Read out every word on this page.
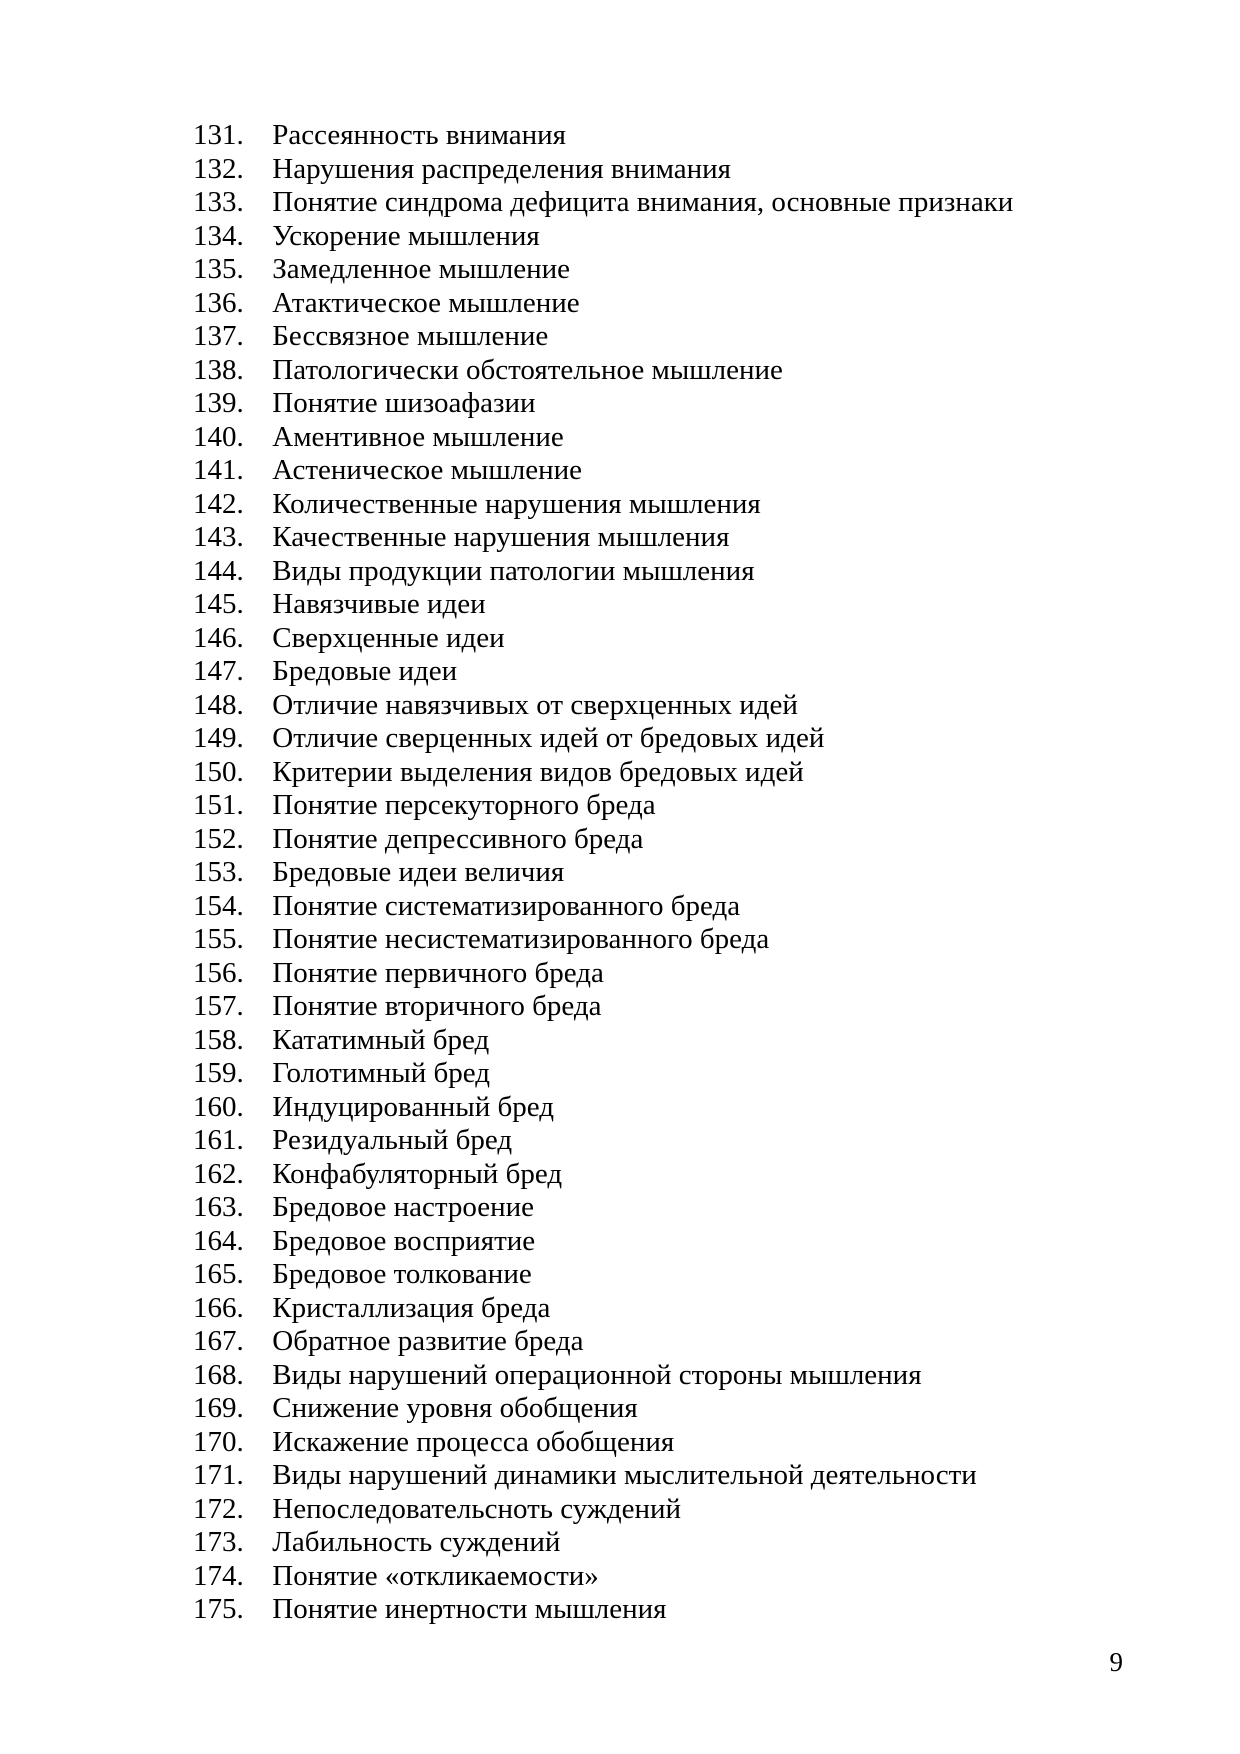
131. Рассеянность внимания
132. Нарушения распределения внимания
133. Понятие синдрома дефицита внимания, основные признаки
134. Ускорение мышления
135. Замедленное мышление
136. Атактическое мышление
137. Бессвязное мышление
138. Патологически обстоятельное мышление
139. Понятие шизоафазии
140. Аментивное мышление
141. Астеническое мышление
142. Количественные нарушения мышления
143. Качественные нарушения мышления
144. Виды продукции патологии мышления
145. Навязчивые идеи
146. Сверхценные идеи
147. Бредовые идеи
148. Отличие навязчивых от сверхценных идей
149. Отличие сверценных идей от бредовых идей
150. Критерии выделения видов бредовых идей
151. Понятие персекуторного бреда
152. Понятие депрессивного бреда
153. Бредовые идеи величия
154. Понятие систематизированного бреда
155. Понятие несистематизированного бреда
156. Понятие первичного бреда
157. Понятие вторичного бреда
158. Кататимный бред
159. Голотимный бред
160. Индуцированный бред
161. Резидуальный бред
162. Конфабуляторный бред
163. Бредовое настроение
164. Бредовое восприятие
165. Бредовое толкование
166. Кристаллизация бреда
167. Обратное развитие бреда
168. Виды нарушений операционной стороны мышления
169. Снижение уровня обобщения
170. Искажение процесса обобщения
171. Виды нарушений динамики мыслительной деятельности
172. Непоследовательсноть суждений
173. Лабильность суждений
174. Понятие «откликаемости»
175. Понятие инертности мышления
9
